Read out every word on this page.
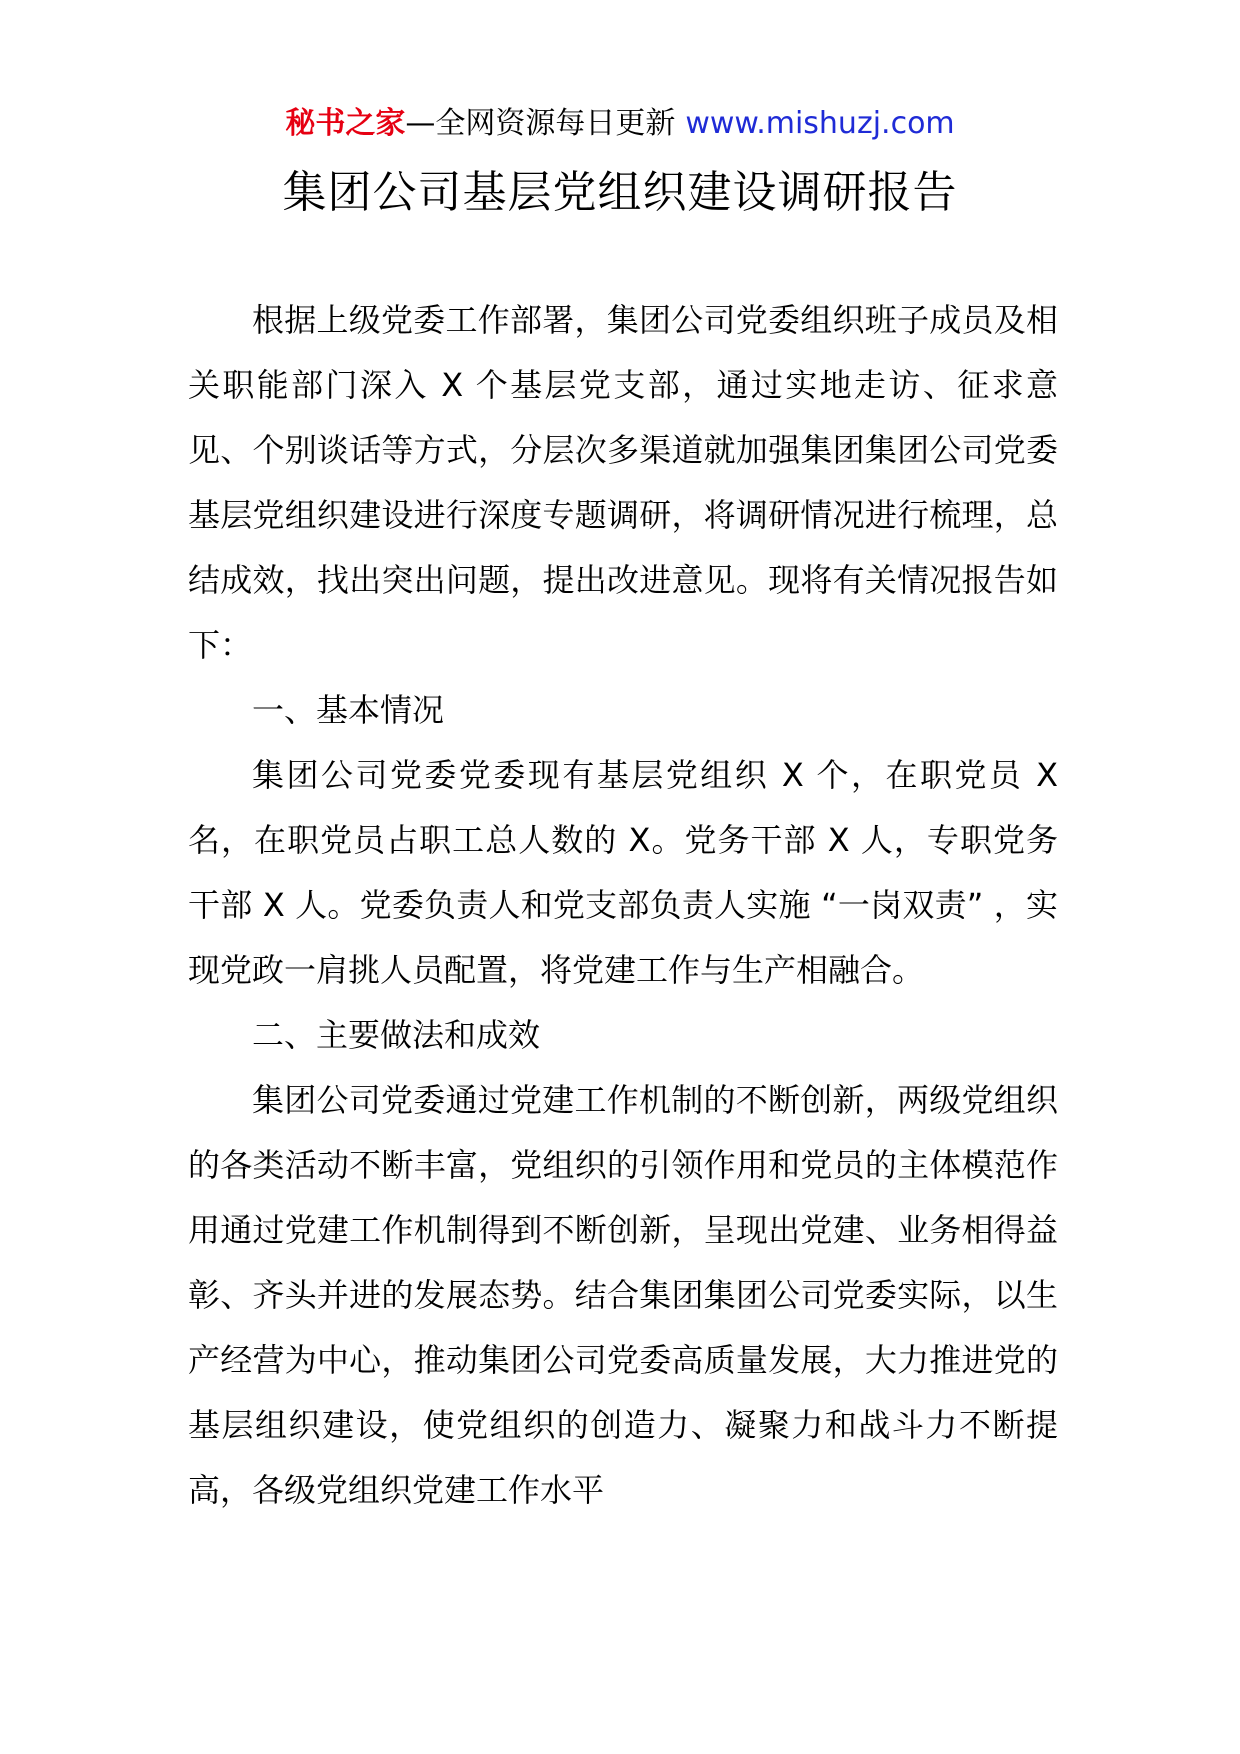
秘书之家—全网资源每日更新 www.mishuzj.com
集团公司基层党组织建设调研报告

根据上级党委工作部署，集团公司党委组织班子成员及相关职能部门深入 X 个基层党支部，通过实地走访、征求意见、个别谈话等方式，分层次多渠道就加强集团集团公司党委基层党组织建设进行深度专题调研，将调研情况进行梳理，总结成效，找出突出问题，提出改进意见。现将有关情况报告如下：

一、基本情况

集团公司党委党委现有基层党组织 X 个，在职党员 X 名，在职党员占职工总人数的 X。党务干部 X 人，专职党务干部 X 人。党委负责人和党支部负责人实施 “一岗双责” ，实现党政一肩挑人员配置，将党建工作与生产相融合。

二、主要做法和成效

集团公司党委通过党建工作机制的不断创新，两级党组织的各类活动不断丰富，党组织的引领作用和党员的主体模范作用通过党建工作机制得到不断创新，呈现出党建、业务相得益彰、齐头并进的发展态势。结合集团集团公司党委实际，以生产经营为中心，推动集团公司党委高质量发展，大力推进党的基层组织建设，使党组织的创造力、凝聚力和战斗力不断提高，各级党组织党建工作水平
